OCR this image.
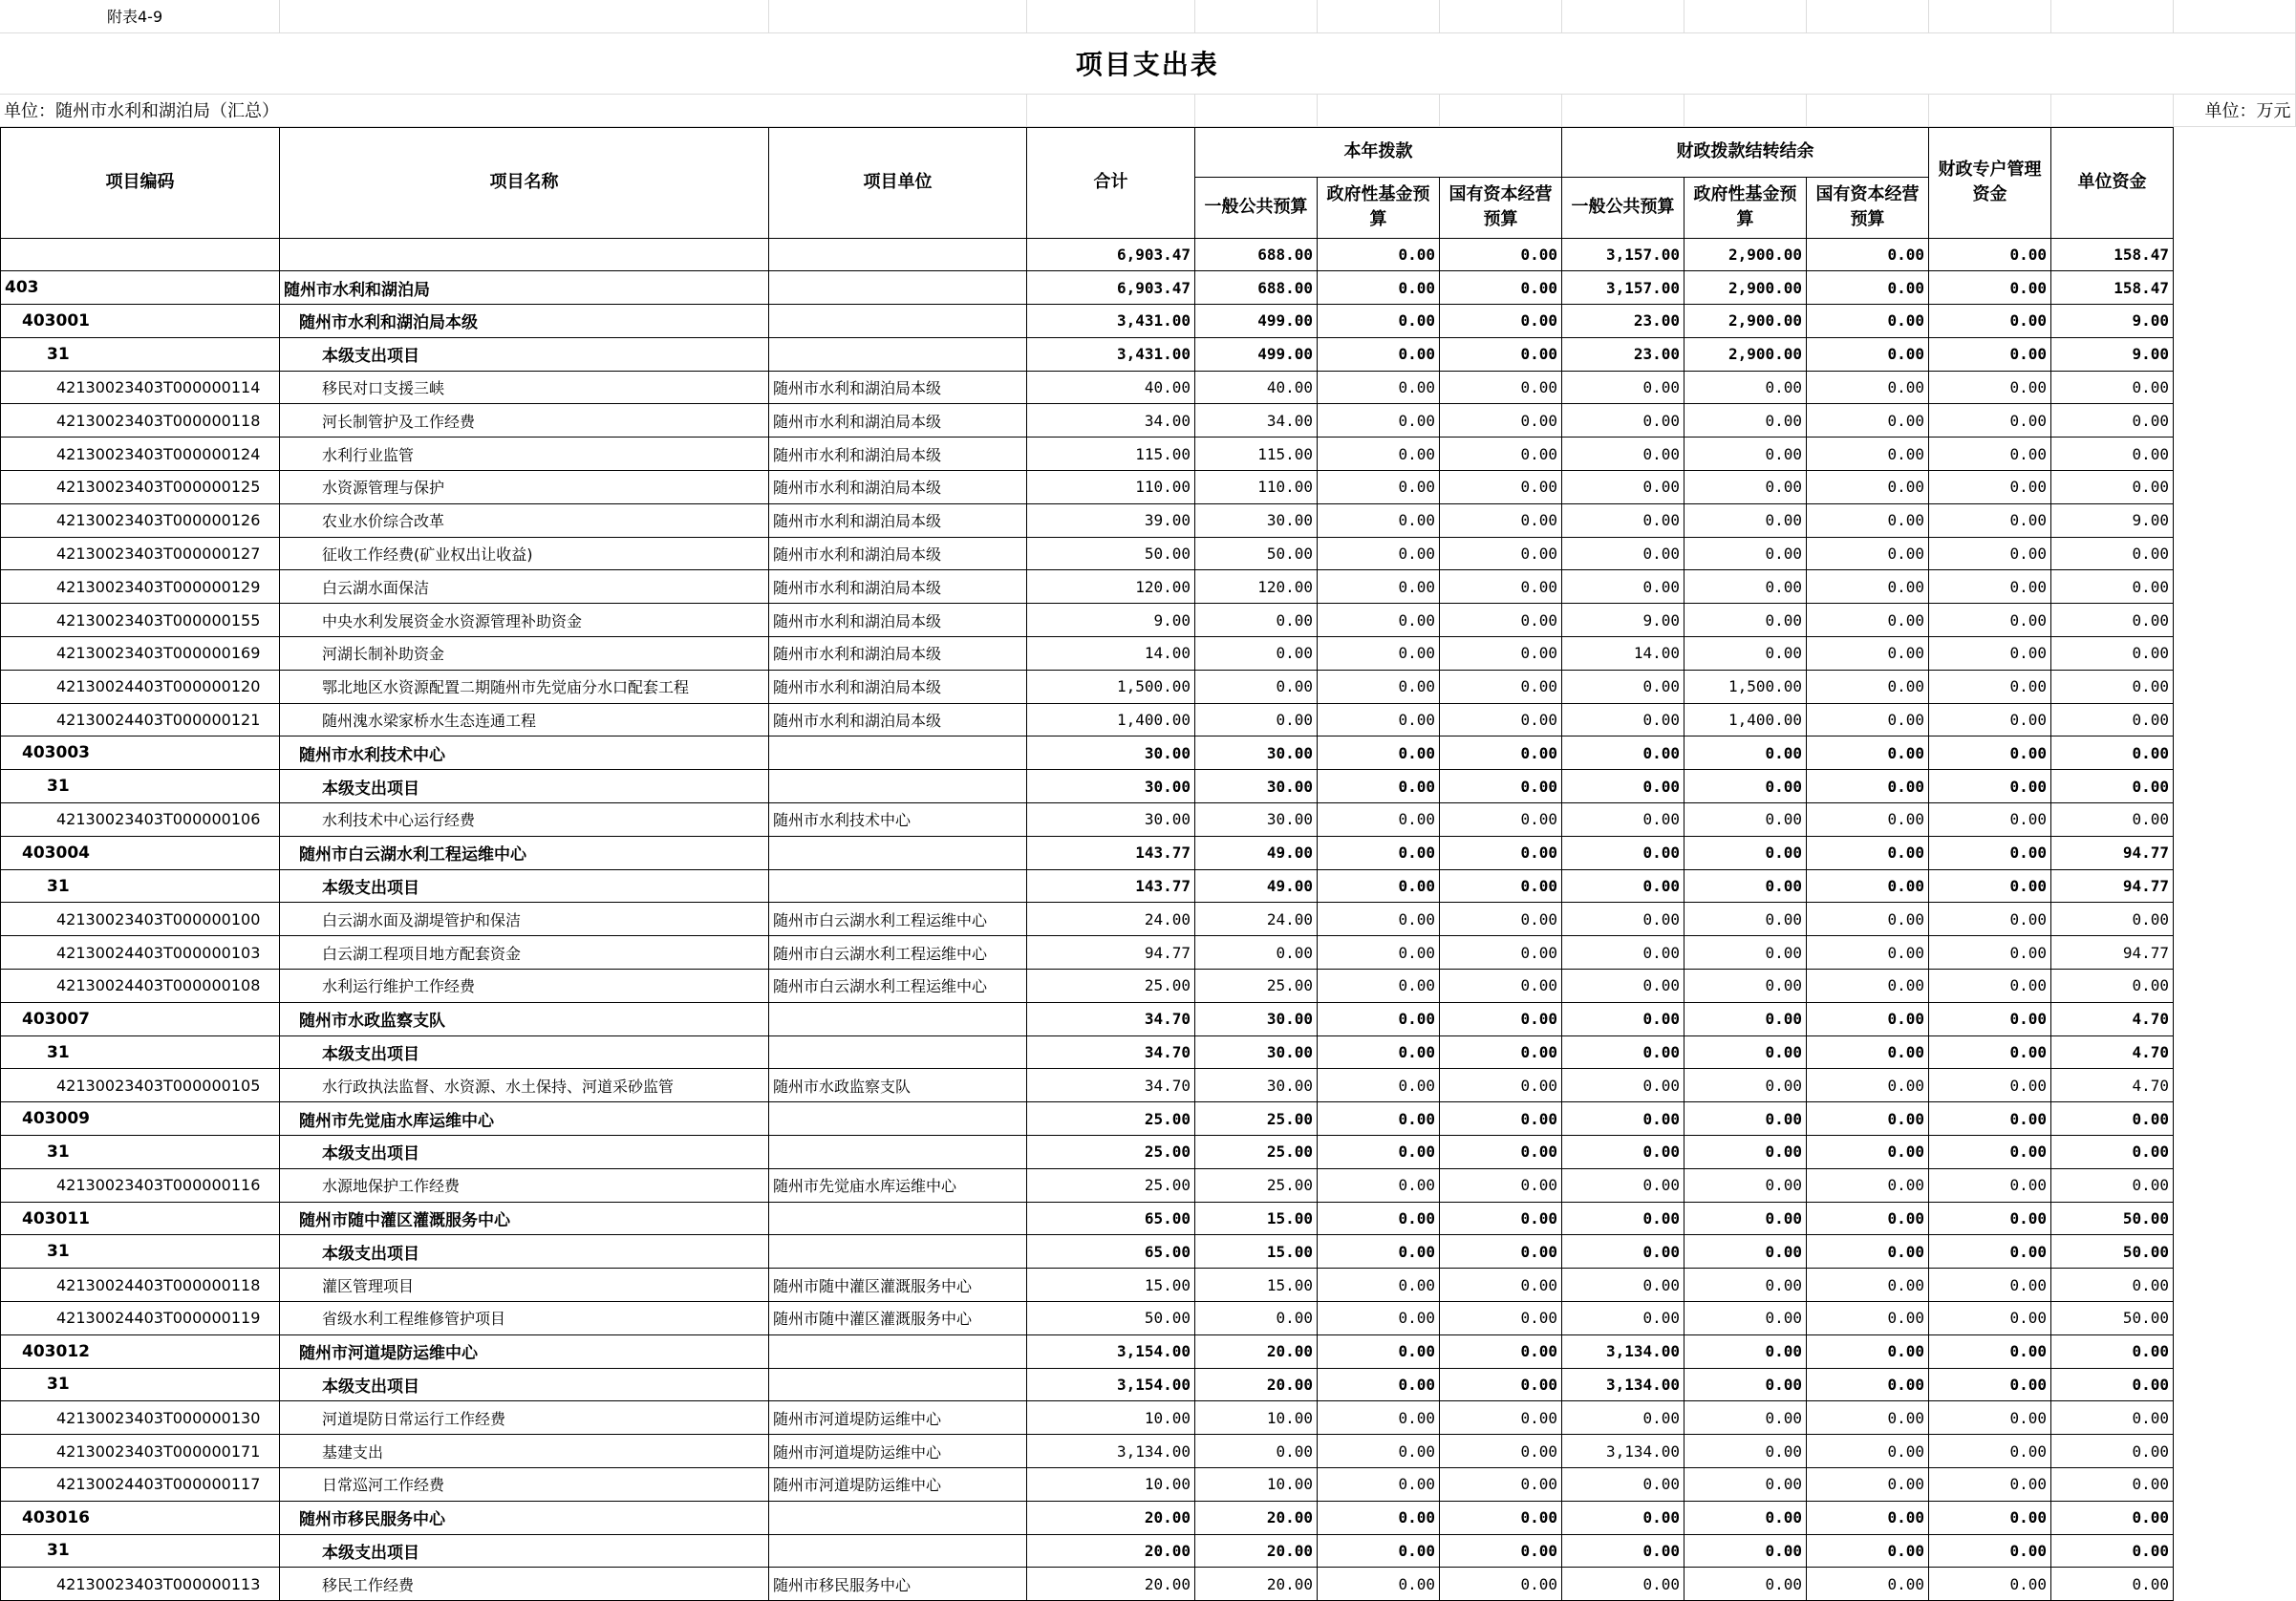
附表4-9												
项目支出表												
单位：随州市水利和湖泊局（汇总）												单位：万元
项目编码	项目名称	项目单位	合计	本年拨款			财政拨款结转结余			财政专户管理资金	单位资金
				一般公共预算	政府性基金预算	国有资本经营预算	一般公共预算	政府性基金预算	国有资本经营预算		
			6,903.47	688.00	0.00	0.00	3,157.00	2,900.00	0.00	0.00	158.47
403	随州市水利和湖泊局		6,903.47	688.00	0.00	0.00	3,157.00	2,900.00	0.00	0.00	158.47
403001	随州市水利和湖泊局本级		3,431.00	499.00	0.00	0.00	23.00	2,900.00	0.00	0.00	9.00
31	本级支出项目		3,431.00	499.00	0.00	0.00	23.00	2,900.00	0.00	0.00	9.00
42130023403T000000114	移民对口支援三峡	随州市水利和湖泊局本级	40.00	40.00	0.00	0.00	0.00	0.00	0.00	0.00	0.00
42130023403T000000118	河长制管护及工作经费	随州市水利和湖泊局本级	34.00	34.00	0.00	0.00	0.00	0.00	0.00	0.00	0.00
42130023403T000000124	水利行业监管	随州市水利和湖泊局本级	115.00	115.00	0.00	0.00	0.00	0.00	0.00	0.00	0.00
42130023403T000000125	水资源管理与保护	随州市水利和湖泊局本级	110.00	110.00	0.00	0.00	0.00	0.00	0.00	0.00	0.00
42130023403T000000126	农业水价综合改革	随州市水利和湖泊局本级	39.00	30.00	0.00	0.00	0.00	0.00	0.00	0.00	9.00
42130023403T000000127	征收工作经费(矿业权出让收益)	随州市水利和湖泊局本级	50.00	50.00	0.00	0.00	0.00	0.00	0.00	0.00	0.00
42130023403T000000129	白云湖水面保洁	随州市水利和湖泊局本级	120.00	120.00	0.00	0.00	0.00	0.00	0.00	0.00	0.00
42130023403T000000155	中央水利发展资金水资源管理补助资金	随州市水利和湖泊局本级	9.00	0.00	0.00	0.00	9.00	0.00	0.00	0.00	0.00
42130023403T000000169	河湖长制补助资金	随州市水利和湖泊局本级	14.00	0.00	0.00	0.00	14.00	0.00	0.00	0.00	0.00
42130024403T000000120	鄂北地区水资源配置二期随州市先觉庙分水口配套工程	随州市水利和湖泊局本级	1,500.00	0.00	0.00	0.00	0.00	1,500.00	0.00	0.00	0.00
42130024403T000000121	随州溾水梁家桥水生态连通工程	随州市水利和湖泊局本级	1,400.00	0.00	0.00	0.00	0.00	1,400.00	0.00	0.00	0.00
403003	随州市水利技术中心		30.00	30.00	0.00	0.00	0.00	0.00	0.00	0.00	0.00
31	本级支出项目		30.00	30.00	0.00	0.00	0.00	0.00	0.00	0.00	0.00
42130023403T000000106	水利技术中心运行经费	随州市水利技术中心	30.00	30.00	0.00	0.00	0.00	0.00	0.00	0.00	0.00
403004	随州市白云湖水利工程运维中心		143.77	49.00	0.00	0.00	0.00	0.00	0.00	0.00	94.77
31	本级支出项目		143.77	49.00	0.00	0.00	0.00	0.00	0.00	0.00	94.77
42130023403T000000100	白云湖水面及湖堤管护和保洁	随州市白云湖水利工程运维中心	24.00	24.00	0.00	0.00	0.00	0.00	0.00	0.00	0.00
42130024403T000000103	白云湖工程项目地方配套资金	随州市白云湖水利工程运维中心	94.77	0.00	0.00	0.00	0.00	0.00	0.00	0.00	94.77
42130024403T000000108	水利运行维护工作经费	随州市白云湖水利工程运维中心	25.00	25.00	0.00	0.00	0.00	0.00	0.00	0.00	0.00
403007	随州市水政监察支队		34.70	30.00	0.00	0.00	0.00	0.00	0.00	0.00	4.70
31	本级支出项目		34.70	30.00	0.00	0.00	0.00	0.00	0.00	0.00	4.70
42130023403T000000105	水行政执法监督、水资源、水土保持、河道采砂监管	随州市水政监察支队	34.70	30.00	0.00	0.00	0.00	0.00	0.00	0.00	4.70
403009	随州市先觉庙水库运维中心		25.00	25.00	0.00	0.00	0.00	0.00	0.00	0.00	0.00
31	本级支出项目		25.00	25.00	0.00	0.00	0.00	0.00	0.00	0.00	0.00
42130023403T000000116	水源地保护工作经费	随州市先觉庙水库运维中心	25.00	25.00	0.00	0.00	0.00	0.00	0.00	0.00	0.00
403011	随州市随中灌区灌溉服务中心		65.00	15.00	0.00	0.00	0.00	0.00	0.00	0.00	50.00
31	本级支出项目		65.00	15.00	0.00	0.00	0.00	0.00	0.00	0.00	50.00
42130024403T000000118	灌区管理项目	随州市随中灌区灌溉服务中心	15.00	15.00	0.00	0.00	0.00	0.00	0.00	0.00	0.00
42130024403T000000119	省级水利工程维修管护项目	随州市随中灌区灌溉服务中心	50.00	0.00	0.00	0.00	0.00	0.00	0.00	0.00	50.00
403012	随州市河道堤防运维中心		3,154.00	20.00	0.00	0.00	3,134.00	0.00	0.00	0.00	0.00
31	本级支出项目		3,154.00	20.00	0.00	0.00	3,134.00	0.00	0.00	0.00	0.00
42130023403T000000130	河道堤防日常运行工作经费	随州市河道堤防运维中心	10.00	10.00	0.00	0.00	0.00	0.00	0.00	0.00	0.00
42130023403T000000171	基建支出	随州市河道堤防运维中心	3,134.00	0.00	0.00	0.00	3,134.00	0.00	0.00	0.00	0.00
42130024403T000000117	日常巡河工作经费	随州市河道堤防运维中心	10.00	10.00	0.00	0.00	0.00	0.00	0.00	0.00	0.00
403016	随州市移民服务中心		20.00	20.00	0.00	0.00	0.00	0.00	0.00	0.00	0.00
31	本级支出项目		20.00	20.00	0.00	0.00	0.00	0.00	0.00	0.00	0.00
42130023403T000000113	移民工作经费	随州市移民服务中心	20.00	20.00	0.00	0.00	0.00	0.00	0.00	0.00	0.00
